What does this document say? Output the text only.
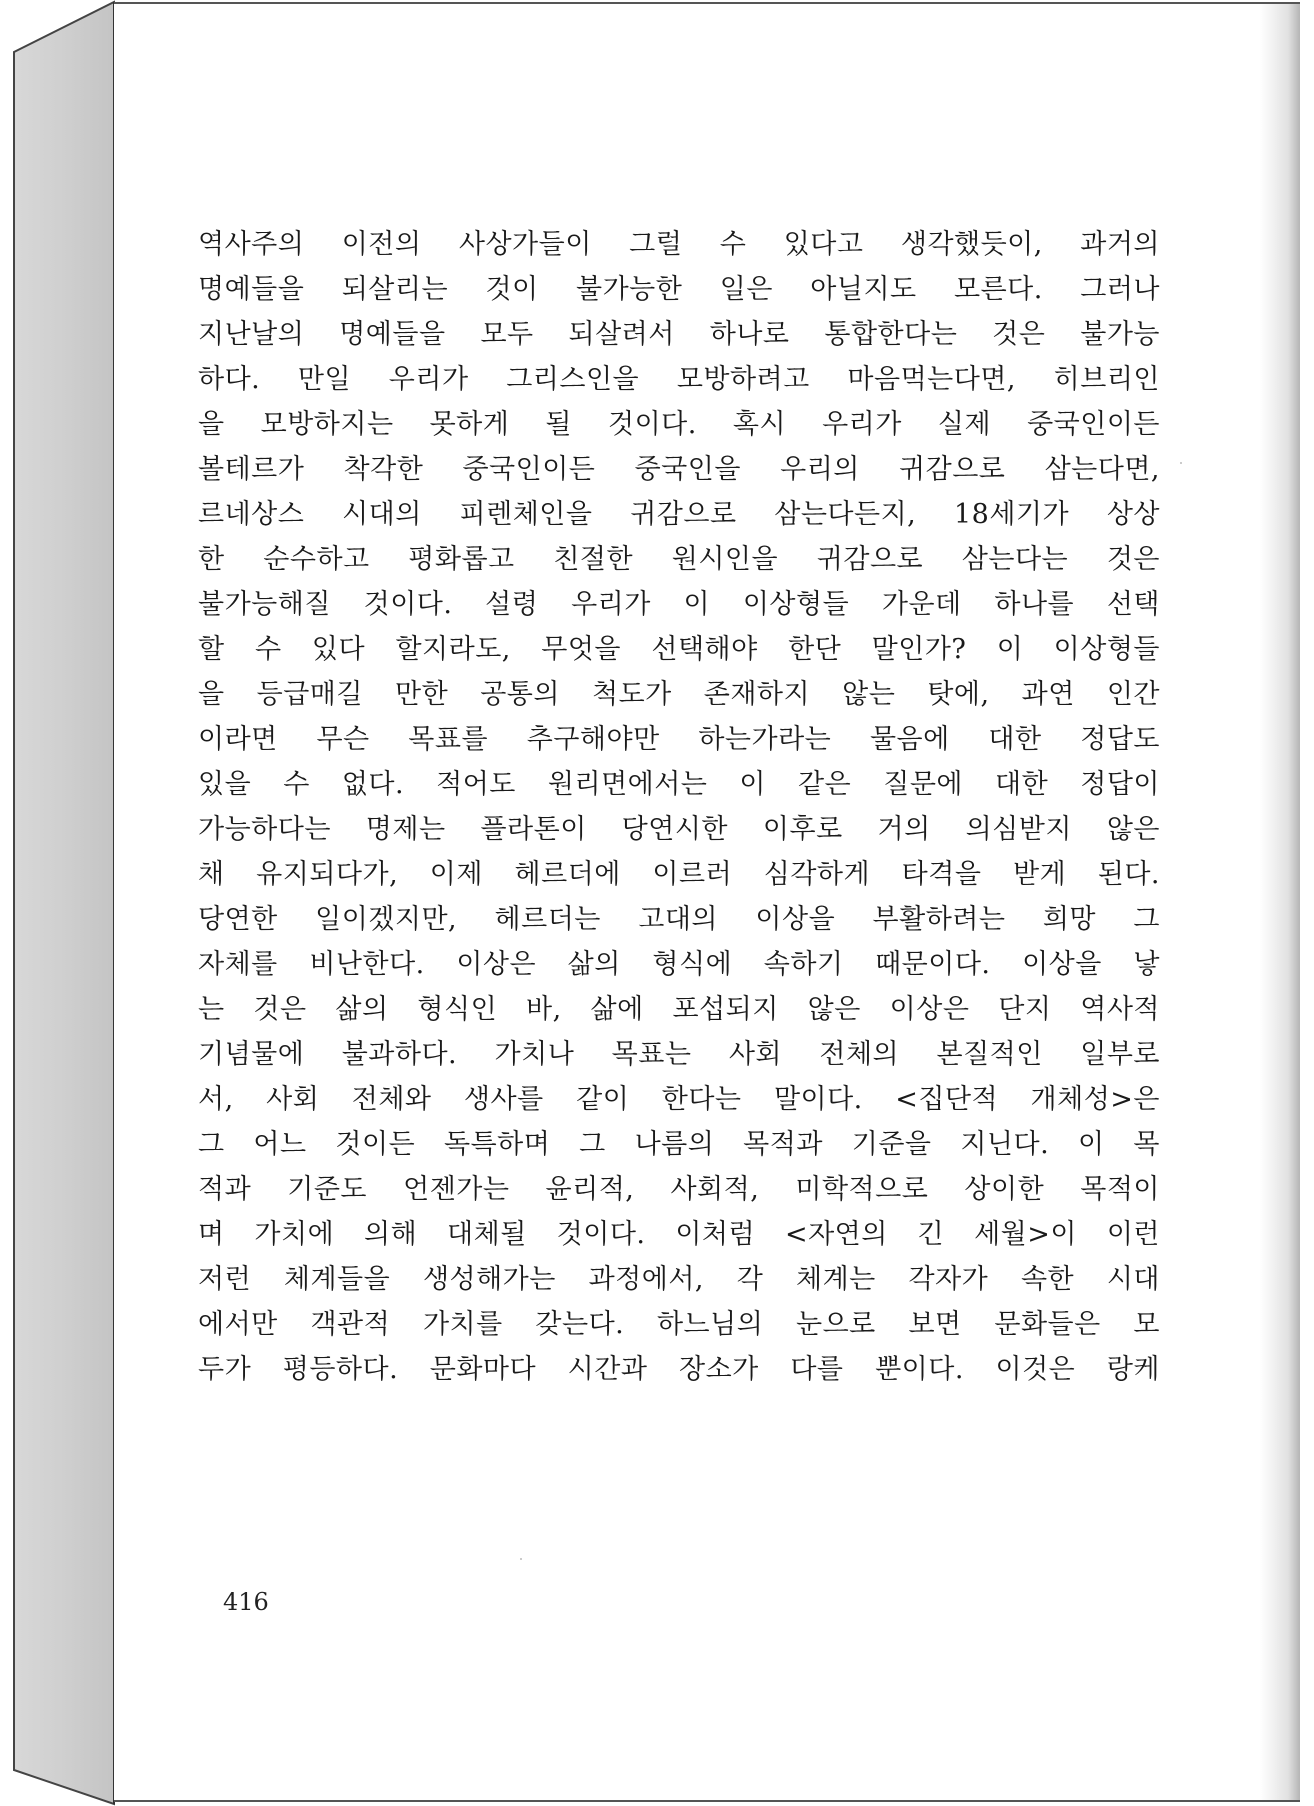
역사주의 이전의 사상가들이 그럴 수 있다고 생각했듯이, 과거의
명예들을 되살리는 것이 불가능한 일은 아닐지도 모른다. 그러나
지난날의 명예들을 모두 되살려서 하나로 통합한다는 것은 불가능
하다. 만일 우리가 그리스인을 모방하려고 마음먹는다면, 히브리인
을 모방하지는 못하게 될 것이다. 혹시 우리가 실제 중국인이든
볼테르가 착각한 중국인이든 중국인을 우리의 귀감으로 삼는다면,
르네상스 시대의 피렌체인을 귀감으로 삼는다든지, 18세기가 상상
한 순수하고 평화롭고 친절한 원시인을 귀감으로 삼는다는 것은
불가능해질 것이다. 설령 우리가 이 이상형들 가운데 하나를 선택
할 수 있다 할지라도, 무엇을 선택해야 한단 말인가? 이 이상형들
을 등급매길 만한 공통의 척도가 존재하지 않는 탓에, 과연 인간
이라면 무슨 목표를 추구해야만 하는가라는 물음에 대한 정답도
있을 수 없다. 적어도 원리면에서는 이 같은 질문에 대한 정답이
가능하다는 명제는 플라톤이 당연시한 이후로 거의 의심받지 않은
채 유지되다가, 이제 헤르더에 이르러 심각하게 타격을 받게 된다.
당연한 일이겠지만, 헤르더는 고대의 이상을 부활하려는 희망 그
자체를 비난한다. 이상은 삶의 형식에 속하기 때문이다. 이상을 낳
는 것은 삶의 형식인 바, 삶에 포섭되지 않은 이상은 단지 역사적
기념물에 불과하다. 가치나 목표는 사회 전체의 본질적인 일부로
서, 사회 전체와 생사를 같이 한다는 말이다. <집단적 개체성>은
그 어느 것이든 독특하며 그 나름의 목적과 기준을 지닌다. 이 목
적과 기준도 언젠가는 윤리적, 사회적, 미학적으로 상이한 목적이
며 가치에 의해 대체될 것이다. 이처럼 <자연의 긴 세월>이 이런
저런 체계들을 생성해가는 과정에서, 각 체계는 각자가 속한 시대
에서만 객관적 가치를 갖는다. 하느님의 눈으로 보면 문화들은 모
두가 평등하다. 문화마다 시간과 장소가 다를 뿐이다. 이것은 랑케
416
